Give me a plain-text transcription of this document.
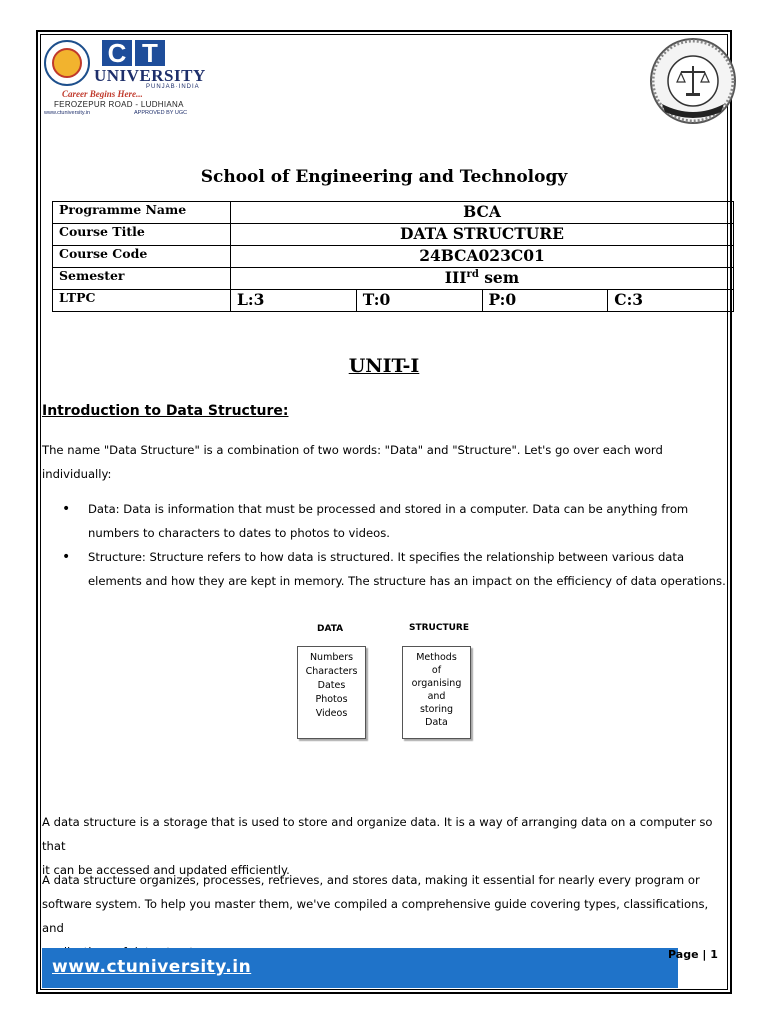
C T
UNIVERSITY
PUNJAB·INDIA
Career Begins Here...
FEROZEPUR ROAD - LUDHIANA
www.ctuniversity.in	APPROVED BY UGC
School of Engineering and Technology
Programme Name	BCA			
Course Title	DATA STRUCTURE			
Course Code	24BCA023C01			
Semester	IIIrd sem			
LTPC	L:3	T:0	P:0	C:3
UNIT-I
Introduction to Data Structure:
The name "Data Structure" is a combination of two words: "Data" and "Structure". Let's go over each word
individually:
• Data: Data is information that must be processed and stored in a computer. Data can be anything from
numbers to characters to dates to photos to videos.
• Structure: Structure refers to how data is structured. It specifies the relationship between various data
elements and how they are kept in memory. The structure has an impact on the efficiency of data operations.
DATA	STRUCTURE
Numbers
Characters
Dates
Photos
Videos
Methods
of
organising
and
storing
Data
A data structure is a storage that is used to store and organize data. It is a way of arranging data on a computer so that
it can be accessed and updated efficiently.
A data structure organizes, processes, retrieves, and stores data, making it essential for nearly every program or
software system. To help you master them, we've compiled a comprehensive guide covering types, classifications, and
www.ctuniversity.in
Page | 1
